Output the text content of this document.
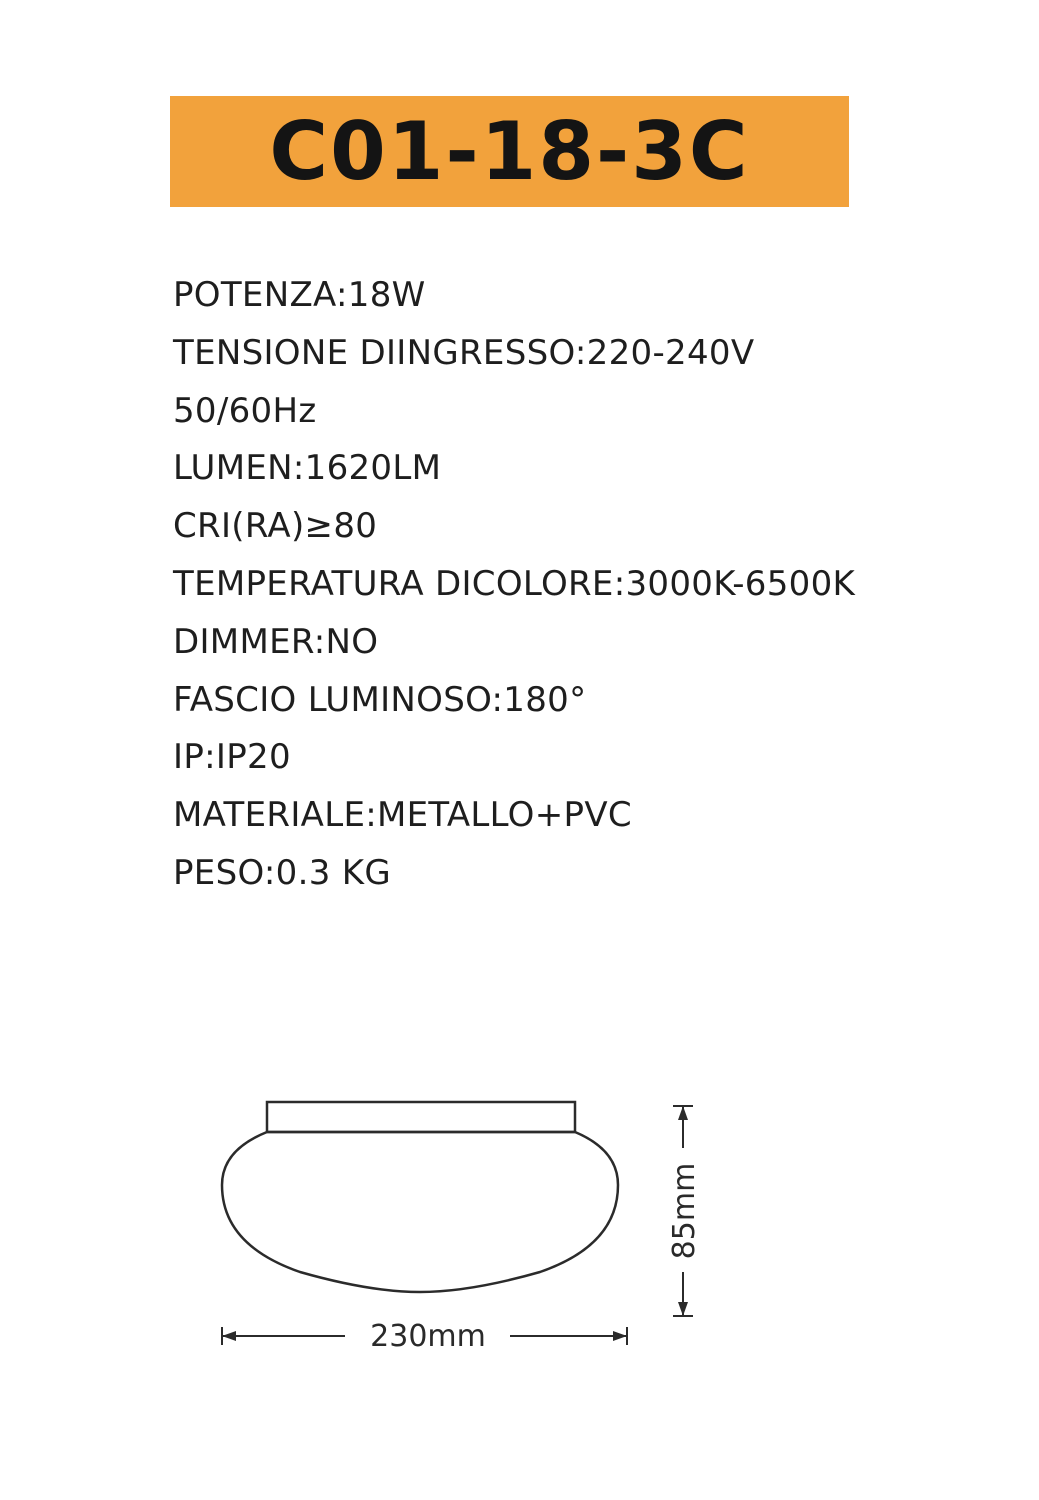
C01-18-3C
POTENZA:18W
TENSIONE DIINGRESSO:220-240V
50/60Hz
LUMEN:1620LM
CRI(RA)≥80
TEMPERATURA DICOLORE:3000K-6500K
DIMMER:NO
FASCIO LUMINOSO:180°
IP:IP20
MATERIALE:METALLO+PVC
PESO:0.3 KG
230mm
85mm
